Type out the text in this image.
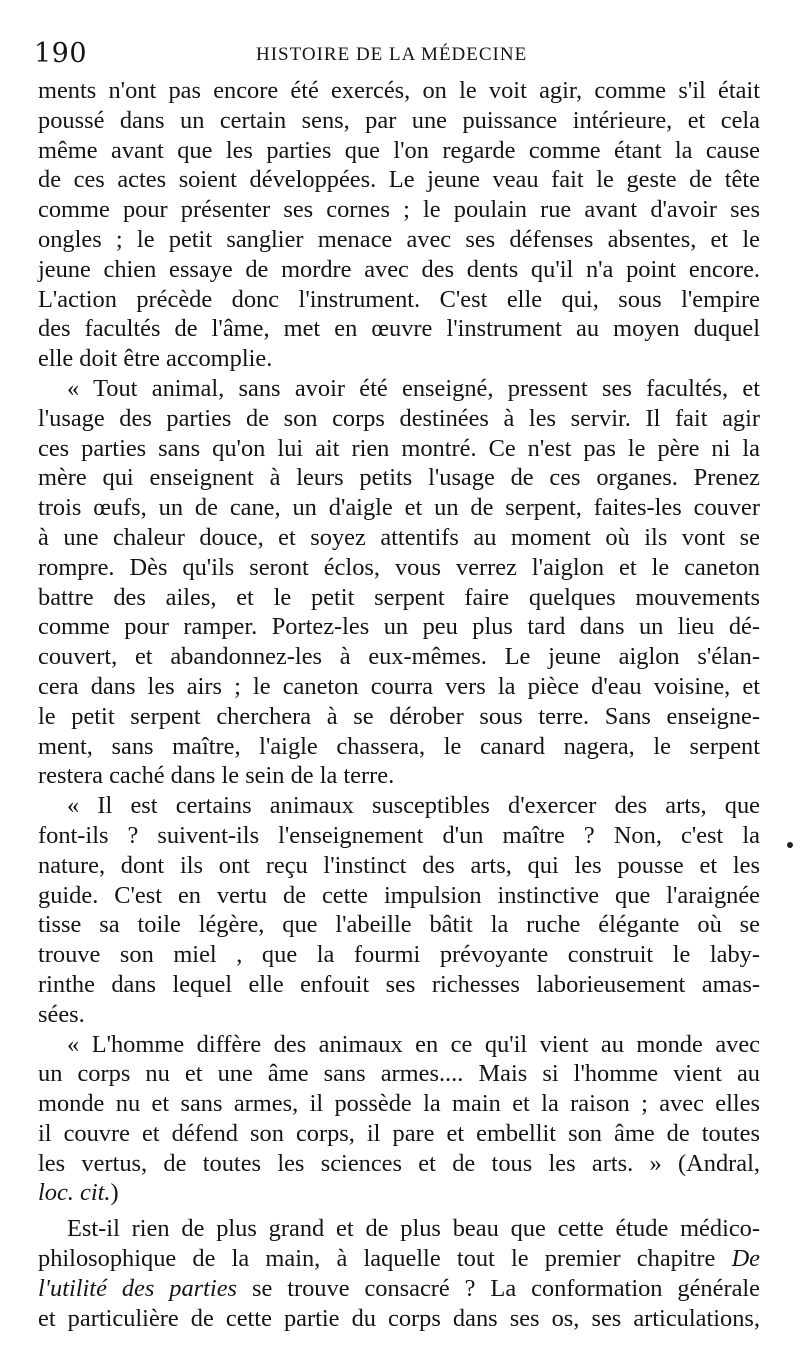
190	HISTOIRE DE LA MÉDECINE
ments n'ont pas encore été exercés, on le voit agir, comme s'il était
poussé dans un certain sens, par une puissance intérieure, et cela
même avant que les parties que l'on regarde comme étant la cause
de ces actes soient développées. Le jeune veau fait le geste de tête
comme pour présenter ses cornes ; le poulain rue avant d'avoir ses
ongles ; le petit sanglier menace avec ses défenses absentes, et le
jeune chien essaye de mordre avec des dents qu'il n'a point encore.
L'action précède donc l'instrument. C'est elle qui, sous l'empire
des facultés de l'âme, met en œuvre l'instrument au moyen duquel
elle doit être accomplie.
« Tout animal, sans avoir été enseigné, pressent ses facultés, et
l'usage des parties de son corps destinées à les servir. Il fait agir
ces parties sans qu'on lui ait rien montré. Ce n'est pas le père ni la
mère qui enseignent à leurs petits l'usage de ces organes. Prenez
trois œufs, un de cane, un d'aigle et un de serpent, faites-les couver
à une chaleur douce, et soyez attentifs au moment où ils vont se
rompre. Dès qu'ils seront éclos, vous verrez l'aiglon et le caneton
battre des ailes, et le petit serpent faire quelques mouvements
comme pour ramper. Portez-les un peu plus tard dans un lieu dé-
couvert, et abandonnez-les à eux-mêmes. Le jeune aiglon s'élan-
cera dans les airs ; le caneton courra vers la pièce d'eau voisine, et
le petit serpent cherchera à se dérober sous terre. Sans enseigne-
ment, sans maître, l'aigle chassera, le canard nagera, le serpent
restera caché dans le sein de la terre.
« Il est certains animaux susceptibles d'exercer des arts, que
font-ils ? suivent-ils l'enseignement d'un maître ? Non, c'est la
nature, dont ils ont reçu l'instinct des arts, qui les pousse et les
guide. C'est en vertu de cette impulsion instinctive que l'araignée
tisse sa toile légère, que l'abeille bâtit la ruche élégante où se
trouve son miel , que la fourmi prévoyante construit le laby-
rinthe dans lequel elle enfouit ses richesses laborieusement amas-
sées.
« L'homme diffère des animaux en ce qu'il vient au monde avec
un corps nu et une âme sans armes.... Mais si l'homme vient au
monde nu et sans armes, il possède la main et la raison ; avec elles
il couvre et défend son corps, il pare et embellit son âme de toutes
les vertus, de toutes les sciences et de tous les arts. » (Andral,
loc. cit.)
Est-il rien de plus grand et de plus beau que cette étude médico-
philosophique de la main, à laquelle tout le premier chapitre De
l'utilité des parties se trouve consacré ? La conformation générale
et particulière de cette partie du corps dans ses os, ses articulations,
